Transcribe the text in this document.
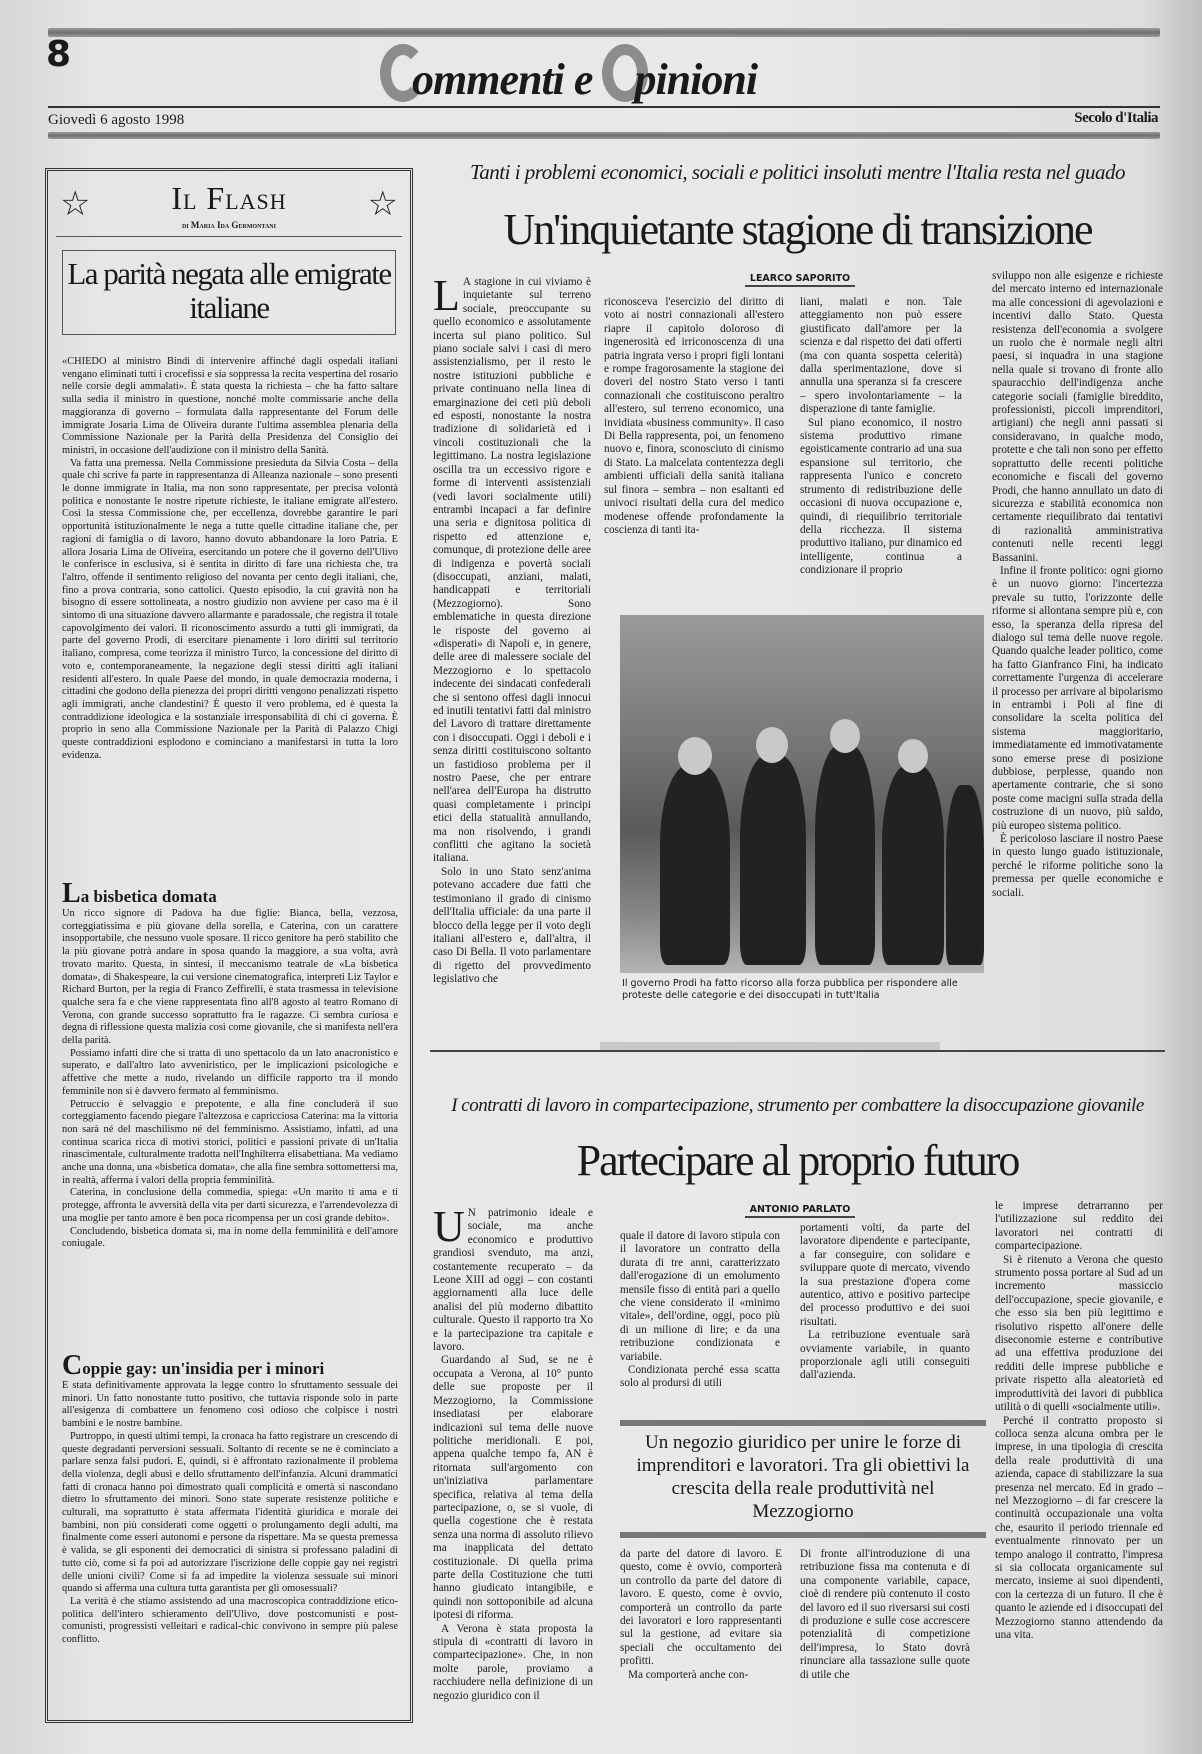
8
ommenti e pinioni
Giovedì 6 agosto 1998	Secolo d'Italia
☆	Il Flash	☆
di Maria Ida Germontani
La parità negata alle emigrate italiane

«CHIEDO al ministro Bindi di intervenire affinché dagli ospedali italiani vengano eliminati tutti i crocefissi e sia soppressa la recita vespertina del rosario nelle corsie degli ammalati». È stata questa la richiesta – che ha fatto saltare sulla sedia il ministro in questione, nonché molte commissarie anche della maggioranza di governo – formulata dalla rappresentante del Forum delle immigrate Josaria Lima de Oliveira durante l'ultima assemblea plenaria della Commissione Nazionale per la Parità della Presidenza del Consiglio dei ministri, in occasione dell'audizione con il ministro della Sanità.

Va fatta una premessa. Nella Commissione presieduta da Silvia Costa – della quale chi scrive fa parte in rappresentanza di Alleanza nazionale – sono presenti le donne immigrate in Italia, ma non sono rappresentate, per precisa volontà politica e nonostante le nostre ripetute richieste, le italiane emigrate all'estero. Così la stessa Commissione che, per eccellenza, dovrebbe garantire le pari opportunità istituzionalmente le nega a tutte quelle cittadine italiane che, per ragioni di famiglia o di lavoro, hanno dovuto abbandonare la loro Patria. E allora Josaria Lima de Oliveira, esercitando un potere che il governo dell'Ulivo le conferisce in esclusiva, si è sentita in diritto di fare una richiesta che, tra l'altro, offende il sentimento religioso del novanta per cento degli italiani, che, fino a prova contraria, sono cattolici. Questo episodio, la cui gravità non ha bisogno di essere sottolineata, a nostro giudizio non avviene per caso ma è il sintomo di una situazione davvero allarmante e paradossale, che registra il totale capovolgimento dei valori. Il riconoscimento assurdo a tutti gli immigrati, da parte del governo Prodi, di esercitare pienamente i loro diritti sul territorio italiano, compresa, come teorizza il ministro Turco, la concessione del diritto di voto e, contemporaneamente, la negazione degli stessi diritti agli italiani residenti all'estero. In quale Paese del mondo, in quale democrazia moderna, i cittadini che godono della pienezza dei propri diritti vengono penalizzati rispetto agli immigrati, anche clandestini? È questo il vero problema, ed è questa la contraddizione ideologica e la sostanziale irresponsabilità di chi ci governa. È proprio in seno alla Commissione Nazionale per la Parità di Palazzo Chigi queste contraddizioni esplodono e cominciano a manifestarsi in tutta la loro evidenza.

La bisbetica domata

Un ricco signore di Padova ha due figlie: Bianca, bella, vezzosa, corteggiatissima e più giovane della sorella, e Caterina, con un carattere insopportabile, che nessuno vuole sposare. Il ricco genitore ha però stabilito che la più giovane potrà andare in sposa quando la maggiore, a sua volta, avrà trovato marito. Questa, in sintesi, il meccanismo teatrale de «La bisbetica domata», di Shakespeare, la cui versione cinematografica, interpreti Liz Taylor e Richard Burton, per la regia di Franco Zeffirelli, è stata trasmessa in televisione qualche sera fa e che viene rappresentata fino all'8 agosto al teatro Romano di Verona, con grande successo soprattutto fra le ragazze. Ci sembra curiosa e degna di riflessione questa malizia così come giovanile, che si manifesta nell'era della parità.

Possiamo infatti dire che si tratta di uno spettacolo da un lato anacronistico e superato, e dall'altro lato avveniristico, per le implicazioni psicologiche e affettive che mette a nudo, rivelando un difficile rapporto tra il mondo femminile non si è davvero fermato al femminismo.

Petruccio è selvaggio e prepotente, e alla fine concluderà il suo corteggiamento facendo piegare l'altezzosa e capricciosa Caterina: ma la vittoria non sarà né del maschilismo né del femminismo. Assistiamo, infatti, ad una continua scarica ricca di motivi storici, politici e passioni private di un'Italia rinascimentale, culturalmente tradotta nell'Inghilterra elisabettiana. Ma vediamo anche una donna, una «bisbetica domata», che alla fine sembra sottomettersi ma, in realtà, afferma i valori della propria femminilità.

Caterina, in conclusione della commedia, spiega: «Un marito ti ama e ti protegge, affronta le avversità della vita per darti sicurezza, e l'arrendevolezza di una moglie per tanto amore è ben poca ricompensa per un così grande debito».

Concludendo, bisbetica domata sì, ma in nome della femminilità e dell'amore coniugale.

Coppie gay: un'insidia per i minori

È stata definitivamente approvata la legge contro lo sfruttamento sessuale dei minori. Un fatto nonostante tutto positivo, che tuttavia risponde solo in parte all'esigenza di combattere un fenomeno così odioso che colpisce i nostri bambini e le nostre bambine.

Purtroppo, in questi ultimi tempi, la cronaca ha fatto registrare un crescendo di queste degradanti perversioni sessuali. Soltanto di recente se ne è cominciato a parlare senza falsi pudori. E, quindi, si è affrontato razionalmente il problema della violenza, degli abusi e dello sfruttamento dell'infanzia. Alcuni drammatici fatti di cronaca hanno poi dimostrato quali complicità e omertà si nascondano dietro lo sfruttamento dei minori. Sono state superate resistenze politiche e culturali, ma soprattutto è stata affermata l'identità giuridica e morale dei bambini, non più considerati come oggetti o prolungamento degli adulti, ma finalmente come esseri autonomi e persone da rispettare. Ma se questa premessa è valida, se gli esponenti dei democratici di sinistra si professano paladini di tutto ciò, come si fa poi ad autorizzare l'iscrizione delle coppie gay nei registri delle unioni civili? Come si fa ad impedire la violenza sessuale sui minori quando si afferma una cultura tutta garantista per gli omosessuali?

La verità è che stiamo assistendo ad una macroscopica contraddizione etico-politica dell'intero schieramento dell'Ulivo, dove postcomunisti e post-comunisti, progressisti velleitari e radical-chic convivono in sempre più palese conflitto.

Tanti i problemi economici, sociali e politici insoluti mentre l'Italia resta nel guado
Un'inquietante stagione di transizione
LEARCO SAPORITO
L A stagione in cui viviamo è inquietante sul terreno sociale, preoccupante su quello economico e assolutamente incerta sul piano politico. Sul piano sociale salvi i casi di mero assistenzialismo, per il resto le nostre istituzioni pubbliche e private continuano nella linea di emarginazione dei ceti più deboli ed esposti, nonostante la nostra tradizione di solidarietà ed i vincoli costituzionali che la legittimano. La nostra legislazione oscilla tra un eccessivo rigore e forme di interventi assistenziali (vedi lavori socialmente utili) entrambi incapaci a far definire una seria e dignitosa politica di rispetto ed attenzione e, comunque, di protezione delle aree di indigenza e povertà sociali (disoccupati, anziani, malati, handicappati e territoriali (Mezzogiorno). Sono emblematiche in questa direzione le risposte del governo ai «disperati» di Napoli e, in genere, delle aree di malessere sociale del Mezzogiorno e lo spettacolo indecente dei sindacati confederali che si sentono offesi dagli innocui ed inutili tentativi fatti dal ministro del Lavoro di trattare direttamente con i disoccupati. Oggi i deboli e i senza diritti costituiscono soltanto un fastidioso problema per il nostro Paese, che per entrare nell'area dell'Europa ha distrutto quasi completamente i principi etici della statualità annullando, ma non risolvendo, i grandi conflitti che agitano la società italiana.

Solo in uno Stato senz'anima potevano accadere due fatti che testimoniano il grado di cinismo dell'Italia ufficiale: da una parte il blocco della legge per il voto degli italiani all'estero e, dall'altra, il caso Di Bella. Il voto parlamentare di rigetto del provvedimento legislativo che

riconosceva l'esercizio del diritto di voto ai nostri connazionali all'estero riapre il capitolo doloroso di ingenerosità ed irriconoscenza di una patria ingrata verso i propri figli lontani e rompe fragorosamente la stagione dei doveri del nostro Stato verso i tanti connazionali che costituiscono peraltro all'estero, sul terreno economico, una invidiata «business community». Il caso Di Bella rappresenta, poi, un fenomeno nuovo e, finora, sconosciuto di cinismo di Stato. La malcelata contentezza degli ambienti ufficiali della sanità italiana sul finora – sembra – non esaltanti ed univoci risultati della cura del medico modenese offende profondamente la coscienza di tanti ita-

liani, malati e non. Tale atteggiamento non può essere giustificato dall'amore per la scienza e dal rispetto dei dati offerti (ma con quanta sospetta celerità) dalla sperimentazione, dove si annulla una speranza si fa crescere – spero involontariamente – la disperazione di tante famiglie.

Sul piano economico, il nostro sistema produttivo rimane egoisticamente contrario ad una sua espansione sul territorio, che rappresenta l'unico e concreto strumento di redistribuzione delle occasioni di nuova occupazione e, quindi, di riequilibrio territoriale della ricchezza. Il sistema produttivo italiano, pur dinamico ed intelligente, continua a condizionare il proprio

sviluppo non alle esigenze e richieste del mercato interno ed internazionale ma alle concessioni di agevolazioni e incentivi dallo Stato. Questa resistenza dell'economia a svolgere un ruolo che è normale negli altri paesi, si inquadra in una stagione nella quale si trovano di fronte allo spauracchio dell'indigenza anche categorie sociali (famiglie bireddito, professionisti, piccoli imprenditori, artigiani) che negli anni passati si consideravano, in qualche modo, protette e che tali non sono per effetto soprattutto delle recenti politiche economiche e fiscali del governo Prodi, che hanno annullato un dato di sicurezza e stabilità economica non certamente riequilibrato dai tentativi di razionalità amministrativa contenuti nelle recenti leggi Bassanini.

Infine il fronte politico: ogni giorno è un nuovo giorno: l'incertezza prevale su tutto, l'orizzonte delle riforme si allontana sempre più e, con esso, la speranza della ripresa del dialogo sul tema delle nuove regole. Quando qualche leader politico, come ha fatto Gianfranco Fini, ha indicato correttamente l'urgenza di accelerare il processo per arrivare al bipolarismo in entrambi i Poli al fine di consolidare la scelta politica del sistema maggioritario, immediatamente ed immotivatamente sono emerse prese di posizione dubbiose, perplesse, quando non apertamente contrarie, che si sono poste come macigni sulla strada della costruzione di un nuovo, più saldo, più europeo sistema politico.

È pericoloso lasciare il nostro Paese in questo lungo guado istituzionale, perché le riforme politiche sono la premessa per quelle economiche e sociali.

Il governo Prodi ha fatto ricorso alla forza pubblica per rispondere alle proteste delle categorie e dei disoccupati in tutt'Italia
I contratti di lavoro in compartecipazione, strumento per combattere la disoccupazione giovanile
Partecipare al proprio futuro
ANTONIO PARLATO
U N patrimonio ideale e sociale, ma anche economico e produttivo grandiosi svenduto, ma anzi, costantemente recuperato – da Leone XIII ad oggi – con costanti aggiornamenti alla luce delle analisi del più moderno dibattito culturale. Questo il rapporto tra Xo e la partecipazione tra capitale e lavoro.

Guardando al Sud, se ne è occupata a Verona, al 10° punto delle sue proposte per il Mezzogiorno, la Commissione insediatasi per elaborare indicazioni sul tema delle nuove politiche meridionali. E poi, appena qualche tempo fa, AN è ritornata sull'argomento con un'iniziativa parlamentare specifica, relativa al tema della partecipazione, o, se si vuole, di quella cogestione che è restata senza una norma di assoluto rilievo ma inapplicata del dettato costituzionale. Di quella prima parte della Costituzione che tutti hanno giudicato intangibile, e quindi non sottoponibile ad alcuna ipotesi di riforma.

A Verona è stata proposta la stipula di «contratti di lavoro in compartecipazione». Che, in non molte parole, proviamo a racchiudere nella definizione di un negozio giuridico con il

quale il datore di lavoro stipula con il lavoratore un contratto della durata di tre anni, caratterizzato dall'erogazione di un emolumento mensile fisso di entità pari a quello che viene considerato il «minimo vitale», dell'ordine, oggi, poco più di un milione di lire; e da una retribuzione condizionata e variabile.

Condizionata perché essa scatta solo al prodursi di utili

portamenti volti, da parte del lavoratore dipendente e partecipante, a far conseguire, con solidare e sviluppare quote di mercato, vivendo la sua prestazione d'opera come autentico, attivo e positivo partecipe del processo produttivo e dei suoi risultati.

La retribuzione eventuale sarà ovviamente variabile, in quanto proporzionale agli utili conseguiti dall'azienda.

Un negozio giuridico per unire le forze di imprenditori e lavoratori. Tra gli obiettivi la crescita della reale produttività nel Mezzogiorno

da parte del datore di lavoro. E questo, come è ovvio, comporterà un controllo da parte del datore di lavoro. E questo, come è ovvio, comporterà un controllo da parte dei lavoratori e loro rappresentanti sul la gestione, ad evitare sia speciali che occultamento dei profitti.

Ma comporterà anche con-

Di fronte all'introduzione di una retribuzione fissa ma contenuta e di una componente variabile, capace, cioè di rendere più contenuto il costo del lavoro ed il suo riversarsi sui costi di produzione e sulle cose accrescere potenzialità di competizione dell'impresa, lo Stato dovrà rinunciare alla tassazione sulle quote di utile che

le imprese detrarranno per l'utilizzazione sul reddito dei lavoratori nei contratti di compartecipazione.

Si è ritenuto a Verona che questo strumento possa portare al Sud ad un incremento massiccio dell'occupazione, specie giovanile, e che esso sia ben più legittimo e risolutivo rispetto all'onere delle diseconomie esterne e contributive ad una effettiva produzione dei redditi delle imprese pubbliche e private rispetto alla aleatorietà ed improduttività dei lavori di pubblica utilità o di quelli «socialmente utili».

Perché il contratto proposto si colloca senza alcuna ombra per le imprese, in una tipologia di crescita della reale produttività di una azienda, capace di stabilizzare la sua presenza nel mercato. Ed in grado – nel Mezzogiorno – di far crescere la continuità occupazionale una volta che, esaurito il periodo triennale ed eventualmente rinnovato per un tempo analogo il contratto, l'impresa si sia collocata organicamente sul mercato, insieme ai suoi dipendenti, con la certezza di un futuro. Il che è quanto le aziende ed i disoccupati del Mezzogiorno stanno attendendo da una vita.
